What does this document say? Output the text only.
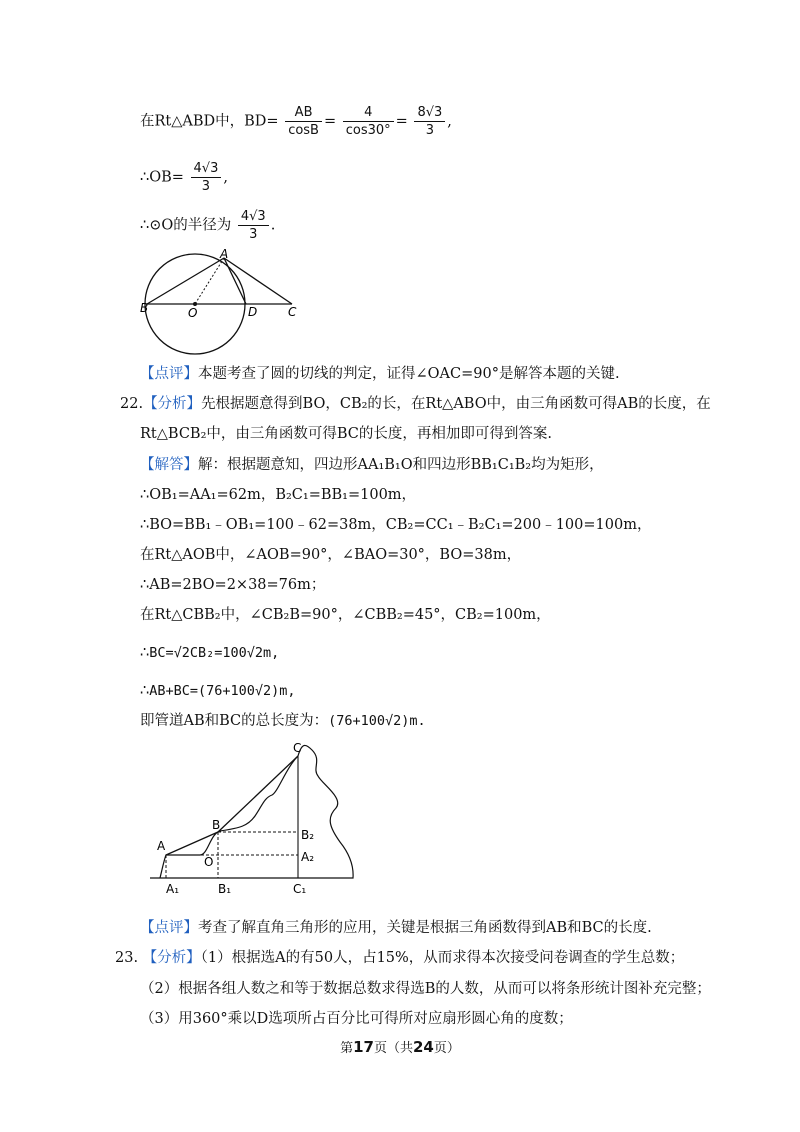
在Rt△ABD中，$BD= \frac{AB}{\cos B} = \frac{4}{\cos 30^\circ} = \frac{8√3}{3}$ ,
∴OB= $\frac{4√3}{3}$ ,
∴⊙O的半径为 $\frac{4√3}{3}$ .
A
B	O	D	C
【点评】本题考查了圆的切线的判定，证得∠OAC=90°是解答本题的关键.
22.【分析】先根据题意得到BO，CB₂的长，在Rt△ABO中，由三角函数可得AB的长度，在
Rt△BCB₂中，由三角函数可得BC的长度，再相加即可得到答案.
【解答】解：根据题意知，四边形AA₁B₁O和四边形BB₁C₁B₂均为矩形，
∴OB₁=AA₁=62m，B₂C₁=BB₁=100m，
∴BO=BB₁﹣OB₁=100﹣62=38m，CB₂=CC₁﹣B₂C₁=200﹣100=100m，
在Rt△AOB中，∠AOB=90°，∠BAO=30°，BO=38m，
∴AB=2BO=2×38=76m；
在Rt△CBB₂中，∠CB₂B=90°，∠CBB₂=45°，CB₂=100m，
∴BC=√2CB₂=100√2m,
∴AB+BC=(76+100√2)m,
即管道AB和BC的总长度为：(76+100√2)m.
C
B
B₂
A
O	A₂
A₁	B₁	C₁
【点评】考查了解直角三角形的应用，关键是根据三角函数得到AB和BC的长度.
23. 【分析】（1）根据选A的有50人，占15%，从而求得本次接受问卷调查的学生总数；
（2）根据各组人数之和等于数据总数求得选B的人数，从而可以将条形统计图补充完整；
（3）用360°乘以D选项所占百分比可得所对应扇形圆心角的度数；
第17页（共24页）
